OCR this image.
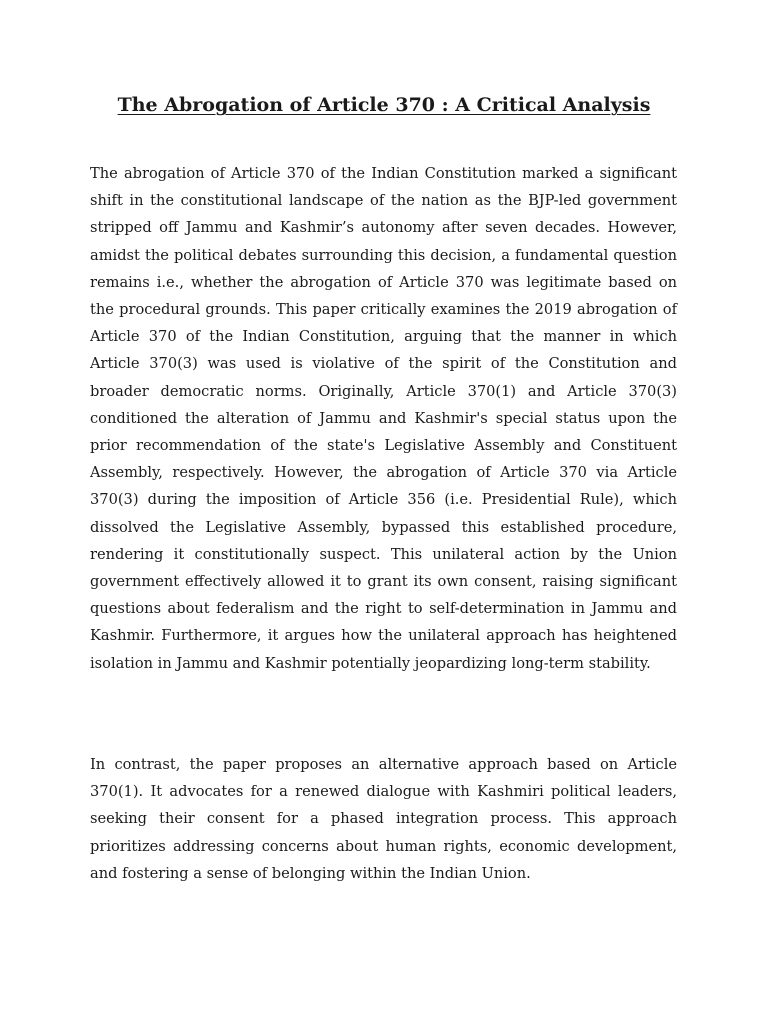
The Abrogation of Article 370 : A Critical Analysis

The abrogation of Article 370 of the Indian Constitution marked a significant shift in the constitutional landscape of the nation as the BJP-led government stripped off Jammu and Kashmir’s autonomy after seven decades. However, amidst the political debates surrounding this decision, a fundamental question remains i.e., whether the abrogation of Article 370 was legitimate based on the procedural grounds. This paper critically examines the 2019 abrogation of Article 370 of the Indian Constitution, arguing that the manner in which Article 370(3) was used is violative of the spirit of the Constitution and broader democratic norms. Originally, Article 370(1) and Article 370(3) conditioned the alteration of Jammu and Kashmir's special status upon the prior recommendation of the state's Legislative Assembly and Constituent Assembly, respectively. However, the abrogation of Article 370 via Article 370(3) during the imposition of Article 356 (i.e. Presidential Rule), which dissolved the Legislative Assembly, bypassed this established procedure, rendering it constitutionally suspect. This unilateral action by the Union government effectively allowed it to grant its own consent, raising significant questions about federalism and the right to self-determination in Jammu and Kashmir. Furthermore, it argues how the unilateral approach has heightened isolation in Jammu and Kashmir potentially jeopardizing long-term stability.

In contrast, the paper proposes an alternative approach based on Article 370(1). It advocates for a renewed dialogue with Kashmiri political leaders, seeking their consent for a phased integration process. This approach prioritizes addressing concerns about human rights, economic development, and fostering a sense of belonging within the Indian Union.
